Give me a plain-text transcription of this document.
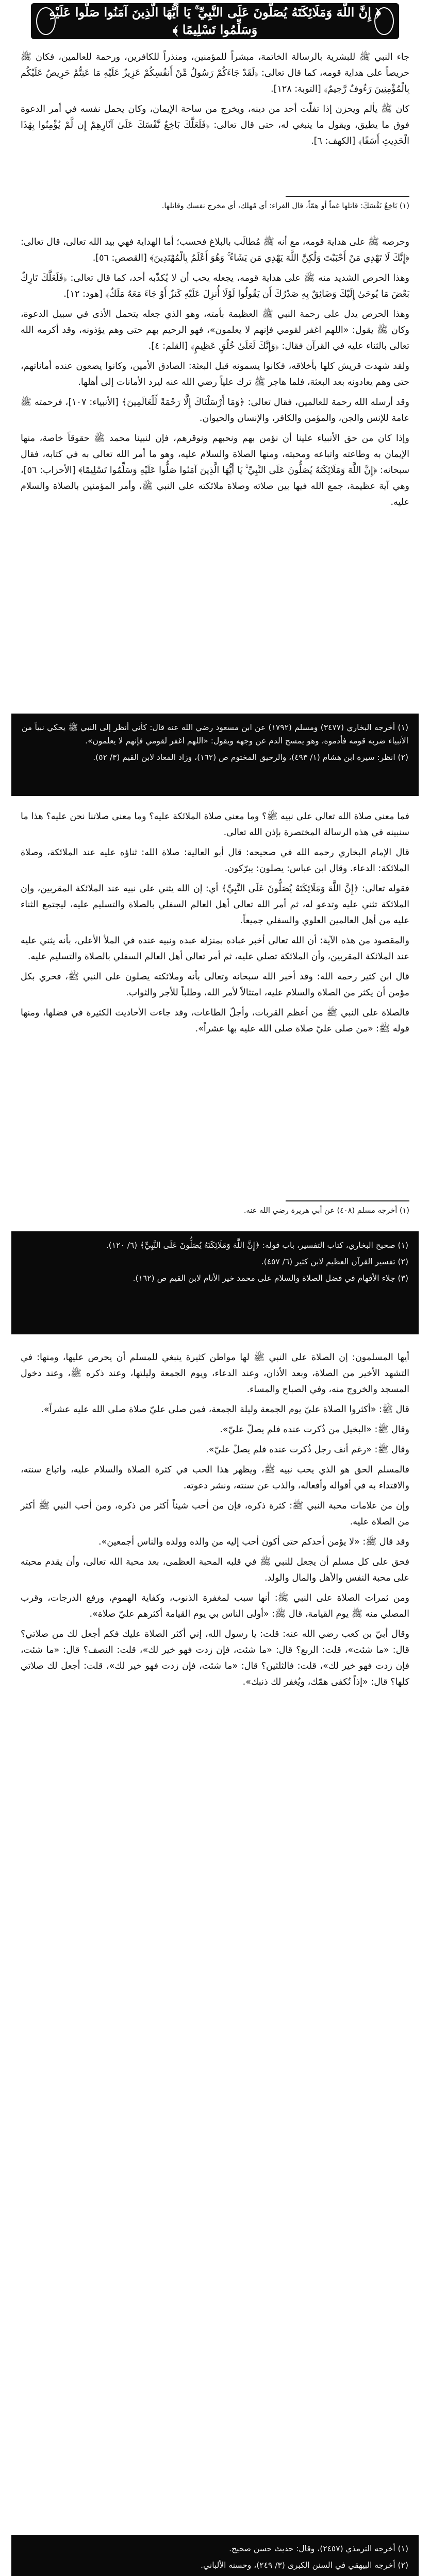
﴿ إِنَّ اللَّهَ وَمَلَائِكَتَهُ يُصَلُّونَ عَلَى النَّبِيِّ ۚ يَا أَيُّهَا الَّذِينَ آمَنُوا صَلُّوا عَلَيْهِ وَسَلِّمُوا تَسْلِيمًا ﴾

جاء النبي ﷺ للبشرية بالرسالة الخاتمة، مبشراً للمؤمنين، ومنذراً للكافرين، ورحمة للعالمين، فكان ﷺ حريصاً على هداية قومه، كما قال تعالى: ﴿لَقَدْ جَاءَكُمْ رَسُولٌ مِّنْ أَنفُسِكُمْ عَزِيزٌ عَلَيْهِ مَا عَنِتُّمْ حَرِيصٌ عَلَيْكُم بِالْمُؤْمِنِينَ رَءُوفٌ رَّحِيمٌ﴾ [التوبة: ١٢٨].

كان ﷺ يألم ويحزن إذا تفلّت أحد من دينه، ويخرج من ساحة الإيمان، وكان يحمل نفسه في أمر الدعوة فوق ما يطيق، ويقول ما ينبغي له، حتى قال تعالى: ﴿فَلَعَلَّكَ بَاخِعٌ نَّفْسَكَ عَلَىٰ آثَارِهِمْ إِن لَّمْ يُؤْمِنُوا بِهَٰذَا الْحَدِيثِ أَسَفًا﴾ [الكهف: ٦].

(١) بَاخِعٌ نَفْسَكَ: قاتلها غماً أو همّاً، قال الفراء: أي مُهلك، أي مخرج نفسك وقاتلها.

وحرصه ﷺ على هداية قومه، مع أنه ﷺ مُطالَب بالبلاغ فحسب؛ أما الهداية فهي بيد الله تعالى، قال تعالى: ﴿إِنَّكَ لَا تَهْدِي مَنْ أَحْبَبْتَ وَلَٰكِنَّ اللَّهَ يَهْدِي مَن يَشَاءُ ۚ وَهُوَ أَعْلَمُ بِالْمُهْتَدِينَ﴾ [القصص: ٥٦].

وهذا الحرص الشديد منه ﷺ على هداية قومه، يجعله يحب أن لا يُكذّبه أحد، كما قال تعالى: ﴿فَلَعَلَّكَ تَارِكٌ بَعْضَ مَا يُوحَىٰ إِلَيْكَ وَضَائِقٌ بِهِ صَدْرُكَ أَن يَقُولُوا لَوْلَا أُنزِلَ عَلَيْهِ كَنزٌ أَوْ جَاءَ مَعَهُ مَلَكٌ﴾ [هود: ١٢].

وهذا الحرص يدل على رحمة النبي ﷺ العظيمة بأمته، وهو الذي جعله يتحمل الأذى في سبيل الدعوة، وكان ﷺ يقول: «اللهم اغفر لقومي فإنهم لا يعلمون»، فهو الرحيم بهم حتى وهم يؤذونه، وقد أكرمه الله تعالى بالثناء عليه في القرآن فقال: ﴿وَإِنَّكَ لَعَلَىٰ خُلُقٍ عَظِيمٍ﴾ [القلم: ٤].

ولقد شهدت قريش كلها بأخلاقه، فكانوا يسمونه قبل البعثة: الصادق الأمين، وكانوا يضعون عنده أماناتهم، حتى وهم يعادونه بعد البعثة، فلما هاجر ﷺ ترك علياً رضي الله عنه ليرد الأمانات إلى أهلها.

وقد أرسله الله رحمة للعالمين، فقال تعالى: ﴿وَمَا أَرْسَلْنَاكَ إِلَّا رَحْمَةً لِّلْعَالَمِينَ﴾ [الأنبياء: ١٠٧]، فرحمته ﷺ عامة للإنس والجن، والمؤمن والكافر، والإنسان والحيوان.

وإذا كان من حق الأنبياء علينا أن نؤمن بهم ونحبهم ونوقرهم، فإن لنبينا محمد ﷺ حقوقاً خاصة، منها الإيمان به وطاعته واتباعه ومحبته، ومنها الصلاة والسلام عليه، وهو ما أمر الله تعالى به في كتابه، فقال سبحانه: ﴿إِنَّ اللَّهَ وَمَلَائِكَتَهُ يُصَلُّونَ عَلَى النَّبِيِّ ۚ يَا أَيُّهَا الَّذِينَ آمَنُوا صَلُّوا عَلَيْهِ وَسَلِّمُوا تَسْلِيمًا﴾ [الأحزاب: ٥٦]، وهي آية عظيمة، جمع الله فيها بين صلاته وصلاة ملائكته على النبي ﷺ، وأمر المؤمنين بالصلاة والسلام عليه.

(١) أخرجه البخاري (٣٤٧٧) ومسلم (١٧٩٢) عن ابن مسعود رضي الله عنه قال: كأني أنظر إلى النبي ﷺ يحكي نبياً من الأنبياء ضربه قومه فأدموه، وهو يمسح الدم عن وجهه ويقول: «اللهم اغفر لقومي فإنهم لا يعلمون».

(٢) انظر: سيرة ابن هشام (١/ ٤٩٣)، والرحيق المختوم ص (١٦٢)، وزاد المعاد لابن القيم (٣/ ٥٢).

فما معنى صلاة الله تعالى على نبيه ﷺ؟ وما معنى صلاة الملائكة عليه؟ وما معنى صلاتنا نحن عليه؟ هذا ما سنبينه في هذه الرسالة المختصرة بإذن الله تعالى.

قال الإمام البخاري رحمه الله في صحيحه: قال أبو العالية: صلاة الله: ثناؤه عليه عند الملائكة، وصلاة الملائكة: الدعاء. وقال ابن عباس: يصلون: يبرّكون.

فقوله تعالى: ﴿إِنَّ اللَّهَ وَمَلَائِكَتَهُ يُصَلُّونَ عَلَى النَّبِيِّ﴾ أي: إن الله يثني على نبيه عند الملائكة المقربين، وإن الملائكة تثني عليه وتدعو له، ثم أمر الله تعالى أهل العالم السفلي بالصلاة والتسليم عليه، ليجتمع الثناء عليه من أهل العالمين العلوي والسفلي جميعاً.

والمقصود من هذه الآية: أن الله تعالى أخبر عباده بمنزلة عبده ونبيه عنده في الملأ الأعلى، بأنه يثني عليه عند الملائكة المقربين، وأن الملائكة تصلي عليه، ثم أمر تعالى أهل العالم السفلي بالصلاة والتسليم عليه.

قال ابن كثير رحمه الله: وقد أخبر الله سبحانه وتعالى بأنه وملائكته يصلون على النبي ﷺ، فحري بكل مؤمن أن يكثر من الصلاة والسلام عليه، امتثالاً لأمر الله، وطلباً للأجر والثواب.

فالصلاة على النبي ﷺ من أعظم القربات، وأجلّ الطاعات، وقد جاءت الأحاديث الكثيرة في فضلها، ومنها قوله ﷺ: «من صلى عليّ صلاة صلى الله عليه بها عشراً».

(١) أخرجه مسلم (٤٠٨) عن أبي هريرة رضي الله عنه.

(١) صحيح البخاري، كتاب التفسير، باب قوله: ﴿إِنَّ اللَّهَ وَمَلَائِكَتَهُ يُصَلُّونَ عَلَى النَّبِيِّ﴾ (٦/ ١٢٠).

(٢) تفسير القرآن العظيم لابن كثير (٦/ ٤٥٧).

(٣) جلاء الأفهام في فضل الصلاة والسلام على محمد خير الأنام لابن القيم ص (١٦٢).

أيها المسلمون: إن الصلاة على النبي ﷺ لها مواطن كثيرة ينبغي للمسلم أن يحرص عليها، ومنها: في التشهد الأخير من الصلاة، وبعد الأذان، وعند الدعاء، ويوم الجمعة وليلتها، وعند ذكره ﷺ، وعند دخول المسجد والخروج منه، وفي الصباح والمساء.

قال ﷺ: «أكثروا الصلاة عليّ يوم الجمعة وليلة الجمعة، فمن صلى عليّ صلاة صلى الله عليه عشراً».

وقال ﷺ: «البخيل من ذُكرت عنده فلم يصلّ عليّ».

وقال ﷺ: «رغم أنف رجل ذُكرت عنده فلم يصلّ عليّ».

فالمسلم الحق هو الذي يحب نبيه ﷺ، ويظهر هذا الحب في كثرة الصلاة والسلام عليه، واتباع سنته، والاقتداء به في أقواله وأفعاله، والذب عن سنته، ونشر دعوته.

وإن من علامات محبة النبي ﷺ: كثرة ذكره، فإن من أحب شيئاً أكثر من ذكره، ومن أحب النبي ﷺ أكثر من الصلاة عليه.

وقد قال ﷺ: «لا يؤمن أحدكم حتى أكون أحب إليه من والده وولده والناس أجمعين».

فحق على كل مسلم أن يجعل للنبي ﷺ في قلبه المحبة العظمى، بعد محبة الله تعالى، وأن يقدم محبته على محبة النفس والأهل والمال والولد.

ومن ثمرات الصلاة على النبي ﷺ: أنها سبب لمغفرة الذنوب، وكفاية الهموم، ورفع الدرجات، وقرب المصلي منه ﷺ يوم القيامة، قال ﷺ: «أولى الناس بي يوم القيامة أكثرهم عليّ صلاة».

وقال أبيّ بن كعب رضي الله عنه: قلت: يا رسول الله، إني أكثر الصلاة عليك فكم أجعل لك من صلاتي؟ قال: «ما شئت»، قلت: الربع؟ قال: «ما شئت، فإن زدت فهو خير لك»، قلت: النصف؟ قال: «ما شئت، فإن زدت فهو خير لك»، قلت: فالثلثين؟ قال: «ما شئت، فإن زدت فهو خير لك»، قلت: أجعل لك صلاتي كلها؟ قال: «إذاً تُكفى همّك، ويُغفر لك ذنبك».

(١) أخرجه الترمذي (٢٤٥٧)، وقال: حديث حسن صحيح.

(٢) أخرجه البيهقي في السنن الكبرى (٣/ ٢٤٩)، وحسنه الألباني.
